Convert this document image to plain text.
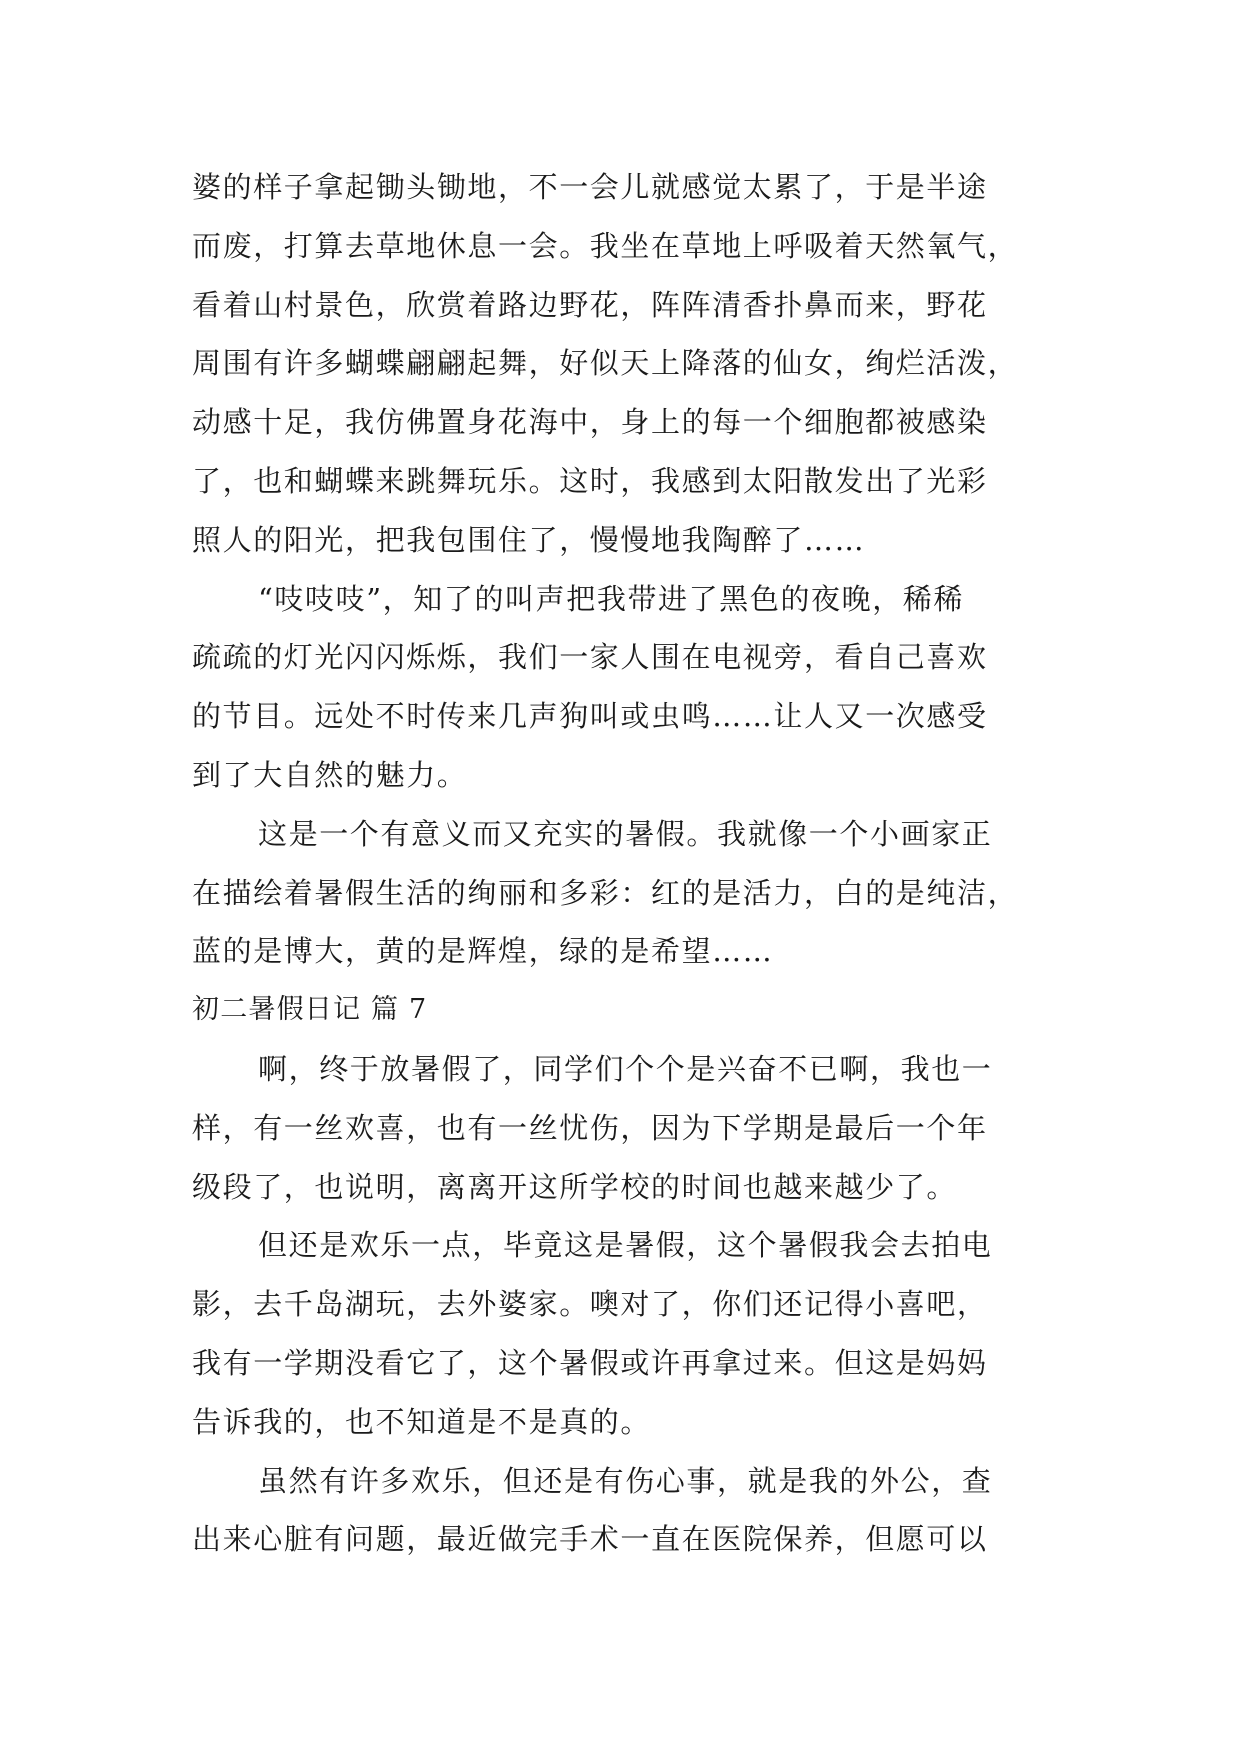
婆的样子拿起锄头锄地，不一会儿就感觉太累了，于是半途
而废，打算去草地休息一会。我坐在草地上呼吸着天然氧气，
看着山村景色，欣赏着路边野花，阵阵清香扑鼻而来，野花
周围有许多蝴蝶翩翩起舞，好似天上降落的仙女，绚烂活泼，
动感十足，我仿佛置身花海中，身上的每一个细胞都被感染
了，也和蝴蝶来跳舞玩乐。这时，我感到太阳散发出了光彩
照人的阳光，把我包围住了，慢慢地我陶醉了……
“吱吱吱”，知了的叫声把我带进了黑色的夜晚，稀稀
疏疏的灯光闪闪烁烁，我们一家人围在电视旁，看自己喜欢
的节目。远处不时传来几声狗叫或虫鸣……让人又一次感受
到了大自然的魅力。
这是一个有意义而又充实的暑假。我就像一个小画家正
在描绘着暑假生活的绚丽和多彩：红的是活力，白的是纯洁，
蓝的是博大，黄的是辉煌，绿的是希望……
初二暑假日记 篇 7
啊，终于放暑假了，同学们个个是兴奋不已啊，我也一
样，有一丝欢喜，也有一丝忧伤，因为下学期是最后一个年
级段了，也说明，离离开这所学校的时间也越来越少了。
但还是欢乐一点，毕竟这是暑假，这个暑假我会去拍电
影，去千岛湖玩，去外婆家。噢对了，你们还记得小喜吧，
我有一学期没看它了，这个暑假或许再拿过来。但这是妈妈
告诉我的，也不知道是不是真的。
虽然有许多欢乐，但还是有伤心事，就是我的外公，查
出来心脏有问题，最近做完手术一直在医院保养，但愿可以
